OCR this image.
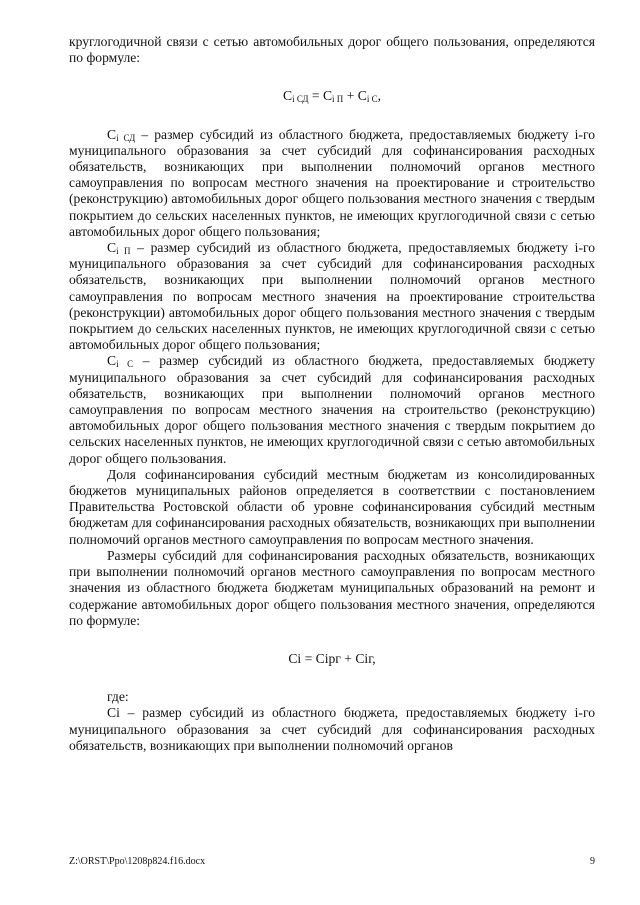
круглогодичной связи с сетью автомобильных дорог общего пользования, определяются по формуле:

$C_{i СД} = C_{i П} + C_{i С}$,

$C_{i СД}$ – размер субсидий из областного бюджета, предоставляемых бюджету i-го муниципального образования за счет субсидий для софинансирования расходных обязательств, возникающих при выполнении полномочий органов местного самоуправления по вопросам местного значения на проектирование и строительство (реконструкцию) автомобильных дорог общего пользования местного значения с твердым покрытием до сельских населенных пунктов, не имеющих круглогодичной связи с сетью автомобильных дорог общего пользования;

$C_{i П}$ – размер субсидий из областного бюджета, предоставляемых бюджету i-го муниципального образования за счет субсидий для софинансирования расходных обязательств, возникающих при выполнении полномочий органов местного самоуправления по вопросам местного значения на проектирование строительства (реконструкции) автомобильных дорог общего пользования местного значения с твердым покрытием до сельских населенных пунктов, не имеющих круглогодичной связи с сетью автомобильных дорог общего пользования;

$C_{i С}$ – размер субсидий из областного бюджета, предоставляемых бюджету муниципального образования за счет субсидий для софинансирования расходных обязательств, возникающих при выполнении полномочий органов местного самоуправления по вопросам местного значения на строительство (реконструкцию) автомобильных дорог общего пользования местного значения с твердым покрытием до сельских населенных пунктов, не имеющих круглогодичной связи с сетью автомобильных дорог общего пользования.

Доля софинансирования субсидий местным бюджетам из консолидированных бюджетов муниципальных районов определяется в соответствии с постановлением Правительства Ростовской области об уровне софинансирования субсидий местным бюджетам для софинансирования расходных обязательств, возникающих при выполнении полномочий органов местного самоуправления по вопросам местного значения.

Размеры субсидий для софинансирования расходных обязательств, возникающих при выполнении полномочий органов местного самоуправления по вопросам местного значения из областного бюджета бюджетам муниципальных образований на ремонт и содержание автомобильных дорог общего пользования местного значения, определяются по формуле:

Ci = Ciрг + Ciг,

где:

Ci – размер субсидий из областного бюджета, предоставляемых бюджету i-го муниципального образования за счет субсидий для софинансирования расходных обязательств, возникающих при выполнении полномочий органов

Z:\ORST\Ppo\1208p824.f16.docx	9
